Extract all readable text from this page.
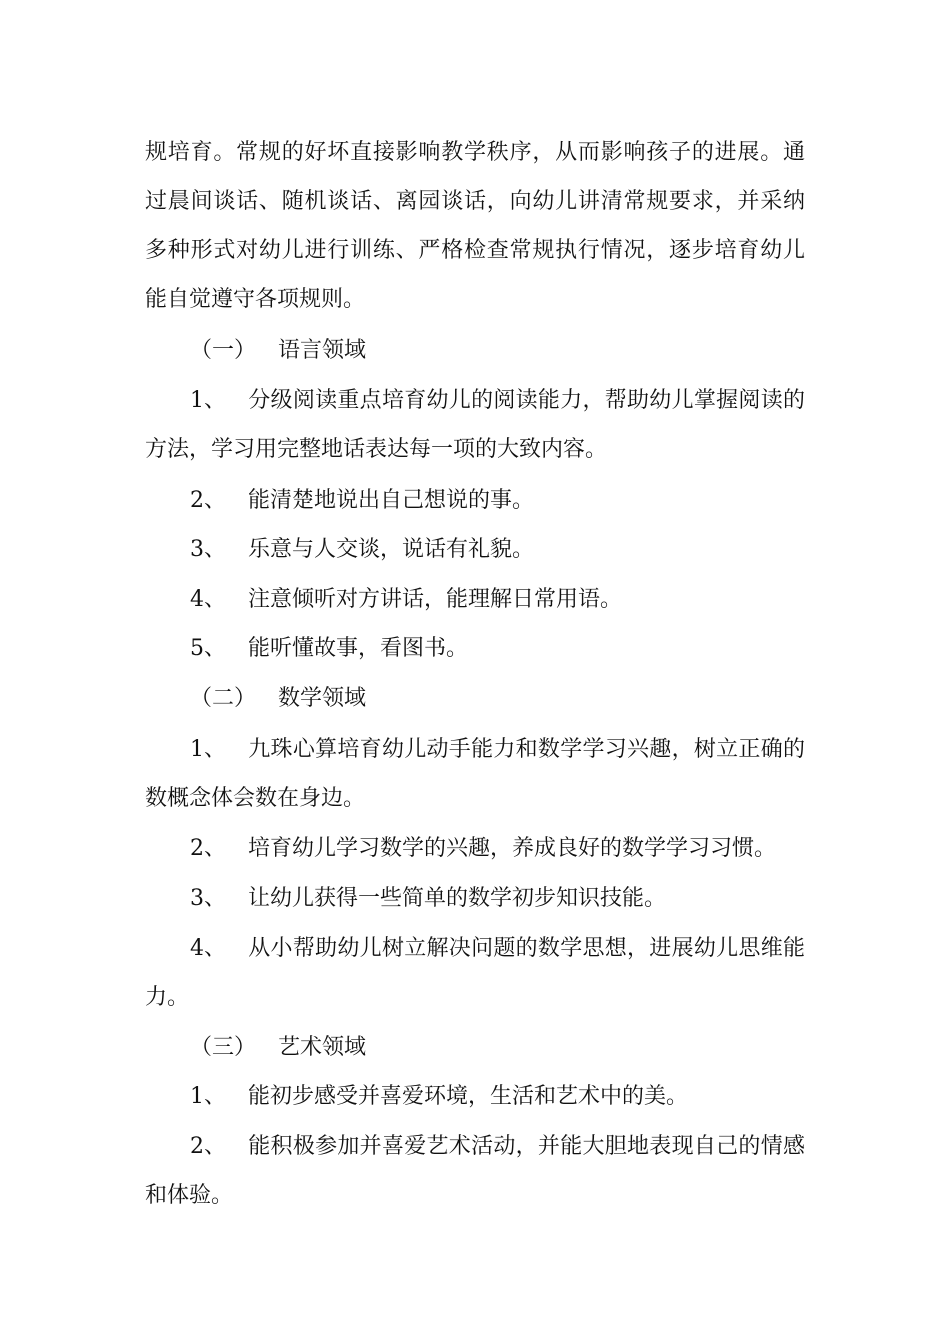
规培育。常规的好坏直接影响教学秩序，从而影响孩子的进展。通
过晨间谈话、随机谈话、离园谈话，向幼儿讲清常规要求，并采纳
多种形式对幼儿进行训练、严格检查常规执行情况，逐步培育幼儿
能自觉遵守各项规则。
（一） 语言领域
1、 分级阅读重点培育幼儿的阅读能力，帮助幼儿掌握阅读的
方法，学习用完整地话表达每一项的大致内容。
2、 能清楚地说出自己想说的事。
3、 乐意与人交谈，说话有礼貌。
4、 注意倾听对方讲话，能理解日常用语。
5、 能听懂故事，看图书。
（二） 数学领域
1、 九珠心算培育幼儿动手能力和数学学习兴趣，树立正确的
数概念体会数在身边。
2、 培育幼儿学习数学的兴趣，养成良好的数学学习习惯。
3、 让幼儿获得一些简单的数学初步知识技能。
4、 从小帮助幼儿树立解决问题的数学思想，进展幼儿思维能
力。
（三） 艺术领域
1、 能初步感受并喜爱环境，生活和艺术中的美。
2、 能积极参加并喜爱艺术活动，并能大胆地表现自己的情感
和体验。
